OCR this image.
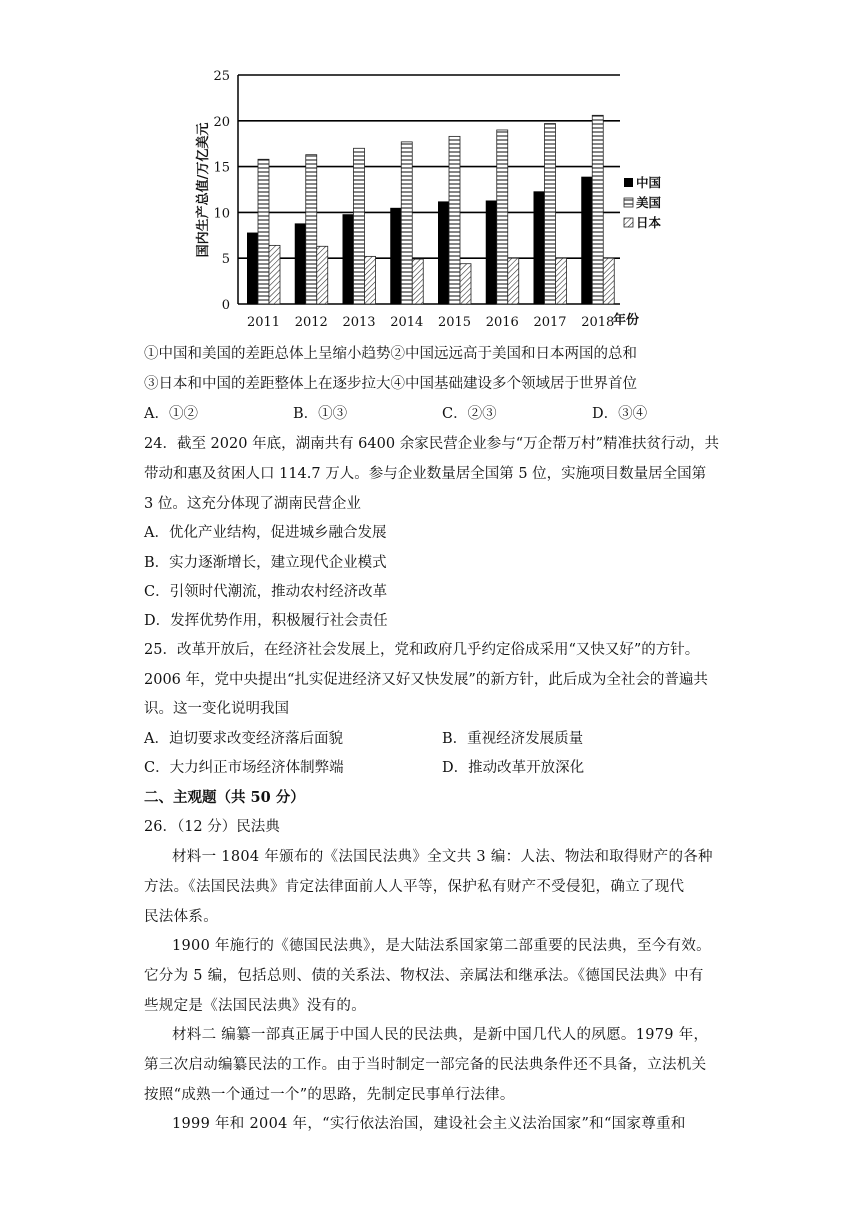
0
5
10
15
20
25
2011 2012 2013 2014 2015 2016 2017 2018
国内生产总值/万亿美元
年份
中国
美国
日本
①中国和美国的差距总体上呈缩小趋势②中国远远高于美国和日本两国的总和
③日本和中国的差距整体上在逐步拉大④中国基础建设多个领域居于世界首位
A．①②	B．①③	C．②③	D．③④
24．截至 2020 年底，湖南共有 6400 余家民营企业参与“万企帮万村”精准扶贫行动，共
带动和惠及贫困人口 114.7 万人。参与企业数量居全国第 5 位，实施项目数量居全国第
3 位。这充分体现了湖南民营企业
A．优化产业结构，促进城乡融合发展
B．实力逐渐增长，建立现代企业模式
C．引领时代潮流，推动农村经济改革
D．发挥优势作用，积极履行社会责任
25．改革开放后，在经济社会发展上，党和政府几乎约定俗成采用“又快又好”的方针。
2006 年，党中央提出“扎实促进经济又好又快发展”的新方针，此后成为全社会的普遍共
识。这一变化说明我国
A．迫切要求改变经济落后面貌	B．重视经济发展质量
C．大力纠正市场经济体制弊端	D．推动改革开放深化
二、主观题（共 50 分）
26．（12 分）民法典
材料一 1804 年颁布的《法国民法典》全文共 3 编：人法、物法和取得财产的各种
方法。《法国民法典》肯定法律面前人人平等，保护私有财产不受侵犯，确立了现代
民法体系。
1900 年施行的《德国民法典》，是大陆法系国家第二部重要的民法典，至今有效。
它分为 5 编，包括总则、债的关系法、物权法、亲属法和继承法。《德国民法典》中有
些规定是《法国民法典》没有的。
材料二 编纂一部真正属于中国人民的民法典，是新中国几代人的夙愿。1979 年，
第三次启动编纂民法的工作。由于当时制定一部完备的民法典条件还不具备，立法机关
按照“成熟一个通过一个”的思路，先制定民事单行法律。
1999 年和 2004 年，“实行依法治国，建设社会主义法治国家”和“国家尊重和
